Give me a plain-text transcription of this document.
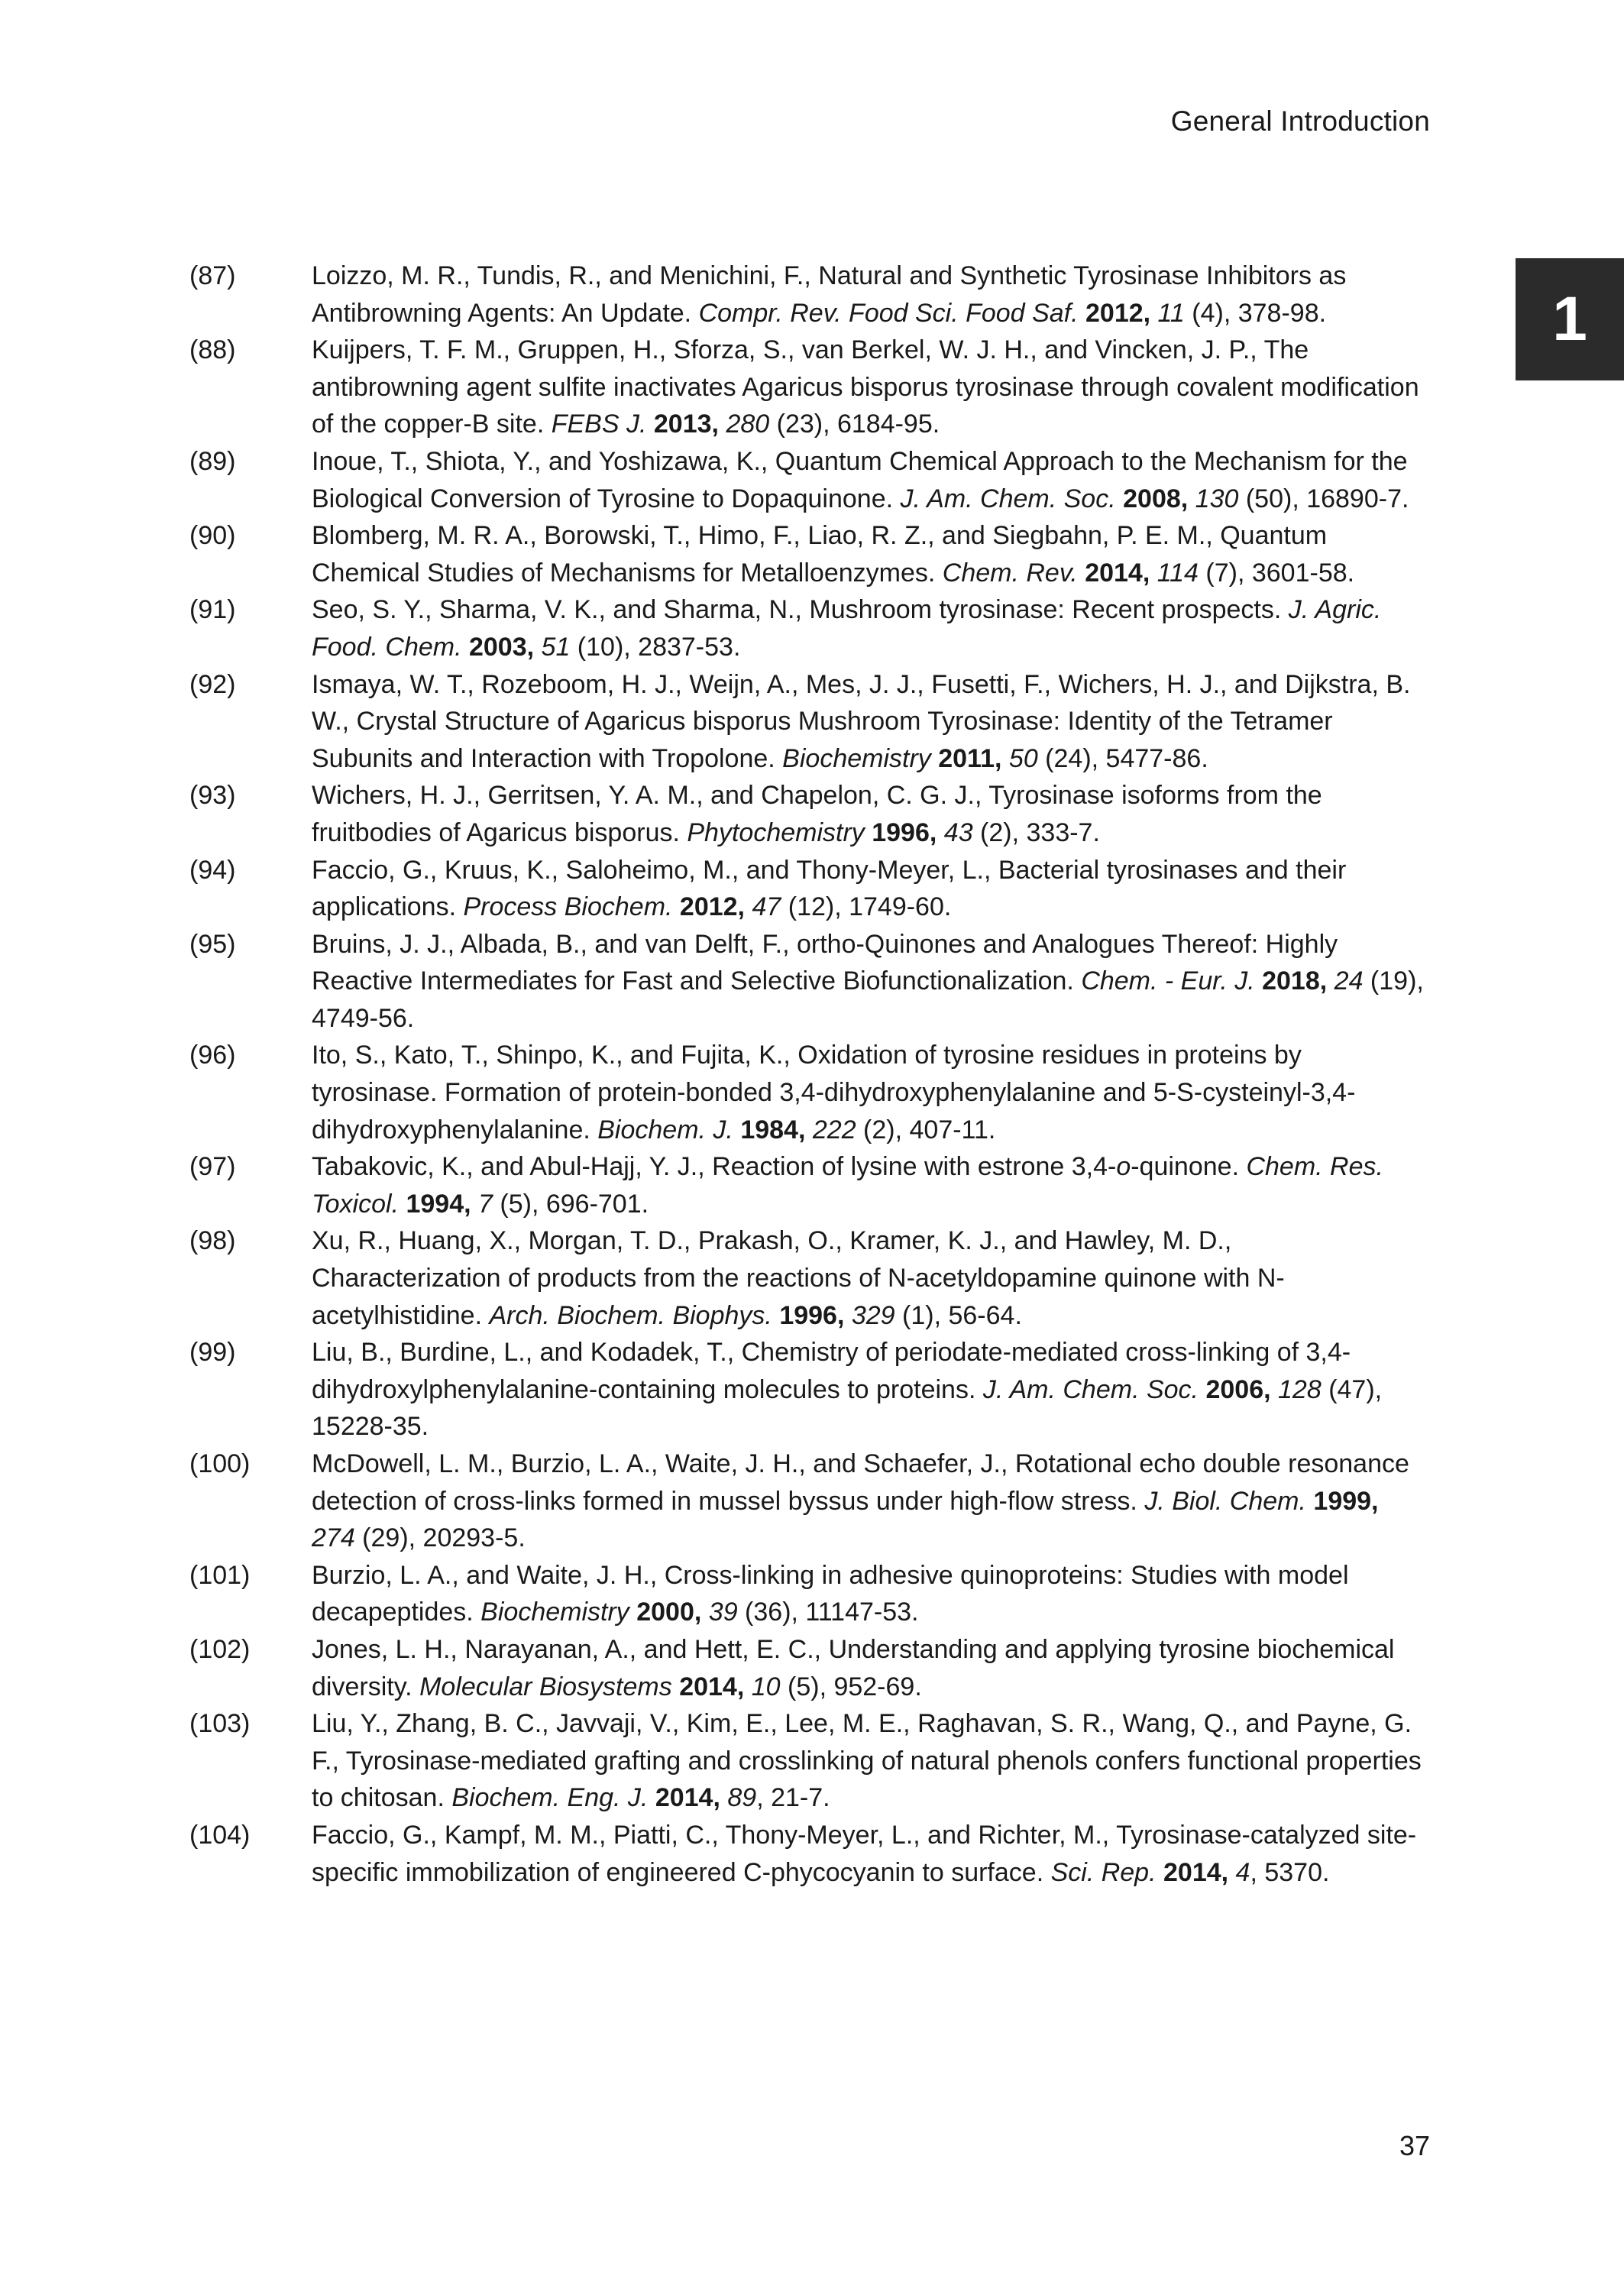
General Introduction
1
(87)	Loizzo, M. R., Tundis, R., and Menichini, F., Natural and Synthetic Tyrosinase Inhibitors as Antibrowning Agents: An Update. Compr. Rev. Food Sci. Food Saf. 2012, 11 (4), 378-98.
(88)	Kuijpers, T. F. M., Gruppen, H., Sforza, S., van Berkel, W. J. H., and Vincken, J. P., The antibrowning agent sulfite inactivates Agaricus bisporus tyrosinase through covalent modification of the copper-B site. FEBS J. 2013, 280 (23), 6184-95.
(89)	Inoue, T., Shiota, Y., and Yoshizawa, K., Quantum Chemical Approach to the Mechanism for the Biological Conversion of Tyrosine to Dopaquinone. J. Am. Chem. Soc. 2008, 130 (50), 16890-7.
(90)	Blomberg, M. R. A., Borowski, T., Himo, F., Liao, R. Z., and Siegbahn, P. E. M., Quantum Chemical Studies of Mechanisms for Metalloenzymes. Chem. Rev. 2014, 114 (7), 3601-58.
(91)	Seo, S. Y., Sharma, V. K., and Sharma, N., Mushroom tyrosinase: Recent prospects. J. Agric. Food. Chem. 2003, 51 (10), 2837-53.
(92)	Ismaya, W. T., Rozeboom, H. J., Weijn, A., Mes, J. J., Fusetti, F., Wichers, H. J., and Dijkstra, B. W., Crystal Structure of Agaricus bisporus Mushroom Tyrosinase: Identity of the Tetramer Subunits and Interaction with Tropolone. Biochemistry 2011, 50 (24), 5477-86.
(93)	Wichers, H. J., Gerritsen, Y. A. M., and Chapelon, C. G. J., Tyrosinase isoforms from the fruitbodies of Agaricus bisporus. Phytochemistry 1996, 43 (2), 333-7.
(94)	Faccio, G., Kruus, K., Saloheimo, M., and Thony-Meyer, L., Bacterial tyrosinases and their applications. Process Biochem. 2012, 47 (12), 1749-60.
(95)	Bruins, J. J., Albada, B., and van Delft, F., ortho-Quinones and Analogues Thereof: Highly Reactive Intermediates for Fast and Selective Biofunctionalization. Chem. - Eur. J. 2018, 24 (19), 4749-56.
(96)	Ito, S., Kato, T., Shinpo, K., and Fujita, K., Oxidation of tyrosine residues in proteins by tyrosinase. Formation of protein-bonded 3,4-dihydroxyphenylalanine and 5-S-cysteinyl-3,4-dihydroxyphenylalanine. Biochem. J. 1984, 222 (2), 407-11.
(97)	Tabakovic, K., and Abul-Hajj, Y. J., Reaction of lysine with estrone 3,4-o-quinone. Chem. Res. Toxicol. 1994, 7 (5), 696-701.
(98)	Xu, R., Huang, X., Morgan, T. D., Prakash, O., Kramer, K. J., and Hawley, M. D., Characterization of products from the reactions of N-acetyldopamine quinone with N-acetylhistidine. Arch. Biochem. Biophys. 1996, 329 (1), 56-64.
(99)	Liu, B., Burdine, L., and Kodadek, T., Chemistry of periodate-mediated cross-linking of 3,4-dihydroxylphenylalanine-containing molecules to proteins. J. Am. Chem. Soc. 2006, 128 (47), 15228-35.
(100)	McDowell, L. M., Burzio, L. A., Waite, J. H., and Schaefer, J., Rotational echo double resonance detection of cross-links formed in mussel byssus under high-flow stress. J. Biol. Chem. 1999, 274 (29), 20293-5.
(101)	Burzio, L. A., and Waite, J. H., Cross-linking in adhesive quinoproteins: Studies with model decapeptides. Biochemistry 2000, 39 (36), 11147-53.
(102)	Jones, L. H., Narayanan, A., and Hett, E. C., Understanding and applying tyrosine biochemical diversity. Molecular Biosystems 2014, 10 (5), 952-69.
(103)	Liu, Y., Zhang, B. C., Javvaji, V., Kim, E., Lee, M. E., Raghavan, S. R., Wang, Q., and Payne, G. F., Tyrosinase-mediated grafting and crosslinking of natural phenols confers functional properties to chitosan. Biochem. Eng. J. 2014, 89, 21-7.
(104)	Faccio, G., Kampf, M. M., Piatti, C., Thony-Meyer, L., and Richter, M., Tyrosinase-catalyzed site-specific immobilization of engineered C-phycocyanin to surface. Sci. Rep. 2014, 4, 5370.
37
